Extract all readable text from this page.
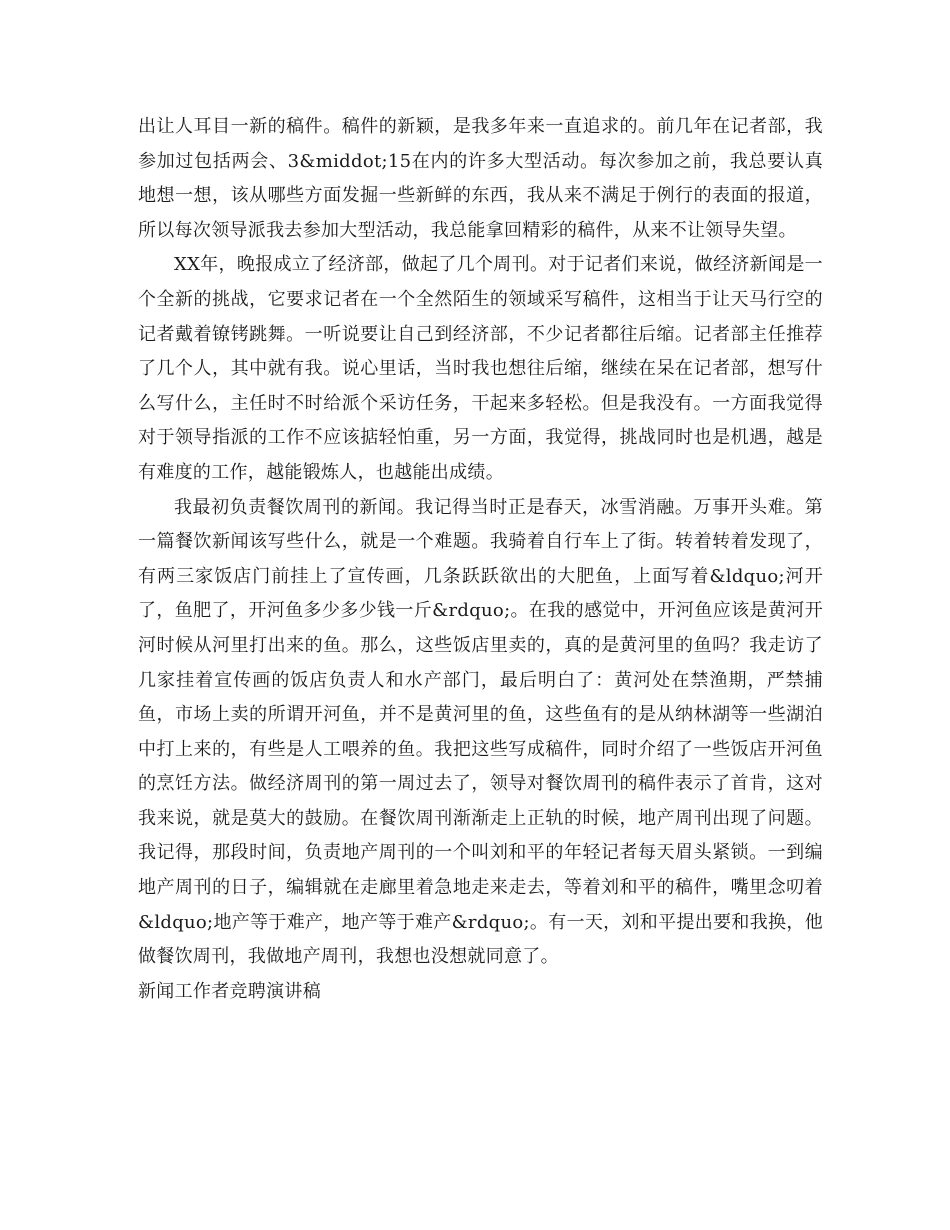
出让人耳目一新的稿件。稿件的新颖，是我多年来一直追求的。前几年在记者部，我参加过包括两会、3&middot;15在内的许多大型活动。每次参加之前，我总要认真地想一想，该从哪些方面发掘一些新鲜的东西，我从来不满足于例行的表面的报道，所以每次领导派我去参加大型活动，我总能拿回精彩的稿件，从来不让领导失望。

XX年，晚报成立了经济部，做起了几个周刊。对于记者们来说，做经济新闻是一个全新的挑战，它要求记者在一个全然陌生的领域采写稿件，这相当于让天马行空的记者戴着镣铐跳舞。一听说要让自己到经济部，不少记者都往后缩。记者部主任推荐了几个人，其中就有我。说心里话，当时我也想往后缩，继续在呆在记者部，想写什么写什么，主任时不时给派个采访任务，干起来多轻松。但是我没有。一方面我觉得对于领导指派的工作不应该掂轻怕重，另一方面，我觉得，挑战同时也是机遇，越是有难度的工作，越能锻炼人，也越能出成绩。

我最初负责餐饮周刊的新闻。我记得当时正是春天，冰雪消融。万事开头难。第一篇餐饮新闻该写些什么，就是一个难题。我骑着自行车上了街。转着转着发现了，有两三家饭店门前挂上了宣传画，几条跃跃欲出的大肥鱼，上面写着&ldquo;河开了，鱼肥了，开河鱼多少多少钱一斤&rdquo;。在我的感觉中，开河鱼应该是黄河开河时候从河里打出来的鱼。那么，这些饭店里卖的，真的是黄河里的鱼吗？我走访了几家挂着宣传画的饭店负责人和水产部门，最后明白了：黄河处在禁渔期，严禁捕鱼，市场上卖的所谓开河鱼，并不是黄河里的鱼，这些鱼有的是从纳林湖等一些湖泊中打上来的，有些是人工喂养的鱼。我把这些写成稿件，同时介绍了一些饭店开河鱼的烹饪方法。做经济周刊的第一周过去了，领导对餐饮周刊的稿件表示了首肯，这对我来说，就是莫大的鼓励。在餐饮周刊渐渐走上正轨的时候，地产周刊出现了问题。我记得，那段时间，负责地产周刊的一个叫刘和平的年轻记者每天眉头紧锁。一到编地产周刊的日子，编辑就在走廊里着急地走来走去，等着刘和平的稿件，嘴里念叨着&ldquo;地产等于难产，地产等于难产&rdquo;。有一天，刘和平提出要和我换，他做餐饮周刊，我做地产周刊，我想也没想就同意了。

新闻工作者竞聘演讲稿
